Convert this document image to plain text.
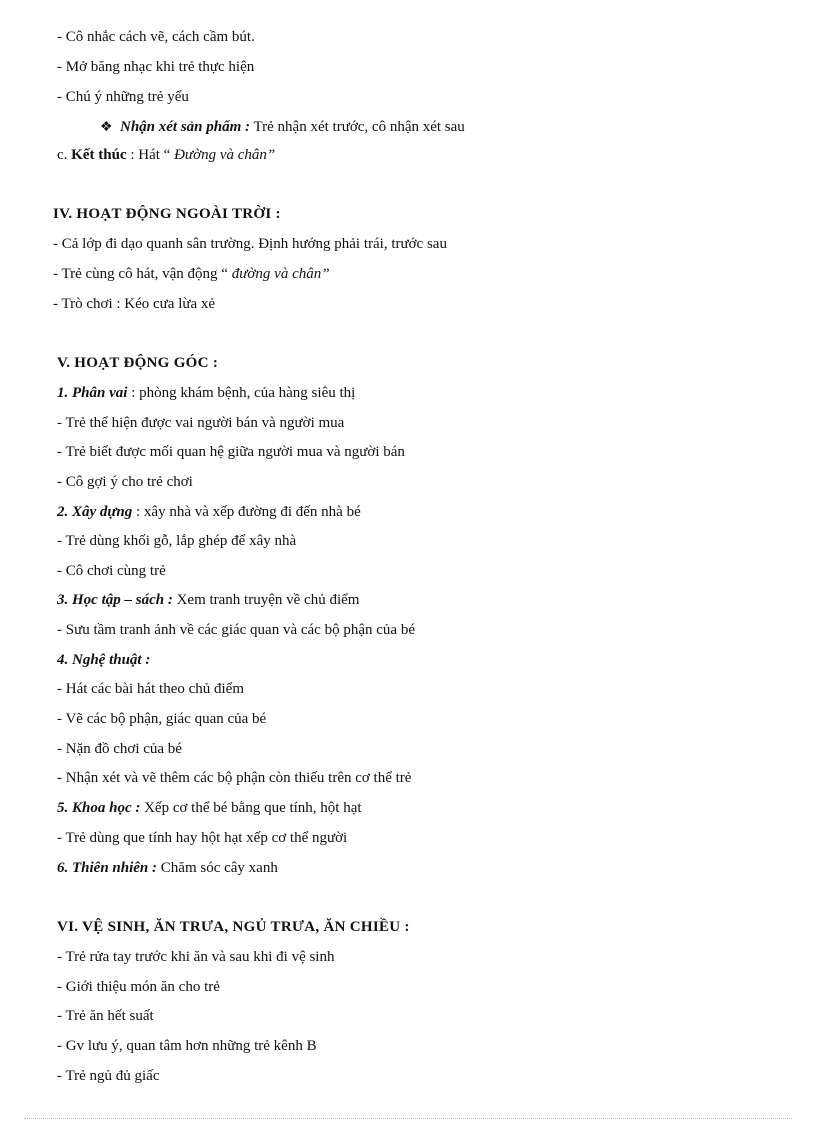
- Cô nhắc cách vẽ, cách cầm bút.
- Mở băng nhạc khi trẻ thực hiện
- Chú ý những trẻ yếu
❖ Nhận xét sản phẩm : Trẻ nhận xét trước, cô nhận xét sau
c. Kết thúc : Hát “ Đường và chân”
IV. HOẠT ĐỘNG NGOÀI TRỜI :
- Cả lớp đi dạo quanh sân trường. Định hướng phải trái, trước sau
- Trẻ cùng cô hát, vận động “ đường và chân”
- Trò chơi : Kéo cưa lừa xẻ
V. HOẠT ĐỘNG GÓC :
1. Phân vai : phòng khám bệnh, của hàng siêu thị
- Trẻ thể hiện được vai người bán và người mua
- Trẻ biết được mối quan hệ giữa người mua và người bán
- Cô gợi ý cho trẻ chơi
2. Xây dựng : xây nhà và xếp đường đi đến nhà bé
- Trẻ dùng khối gỗ, lắp ghép để xây nhà
- Cô chơi cùng trẻ
3. Học tập – sách : Xem tranh truyện về chủ điểm
- Sưu tầm tranh ảnh về các giác quan và các bộ phận của bé
4. Nghệ thuật :
- Hát các bài hát theo chủ điểm
- Vẽ các bộ phận, giác quan của bé
- Nặn đồ chơi của bé
- Nhận xét và vẽ thêm các bộ phận còn thiếu trên cơ thể trẻ
5. Khoa học : Xếp cơ thể bé bằng que tính, hột hạt
- Trẻ dùng que tính hay hột hạt xếp cơ thể người
6. Thiên nhiên : Chăm sóc cây xanh
VI. VỆ SINH, ĂN TRƯA, NGỦ TRƯA, ĂN CHIỀU :
- Trẻ rửa tay trước khi ăn và sau khi đi vệ sinh
- Giới thiệu món ăn cho trẻ
- Trẻ ăn hết suất
- Gv lưu ý, quan tâm hơn những trẻ kênh B
- Trẻ ngủ đủ giấc
